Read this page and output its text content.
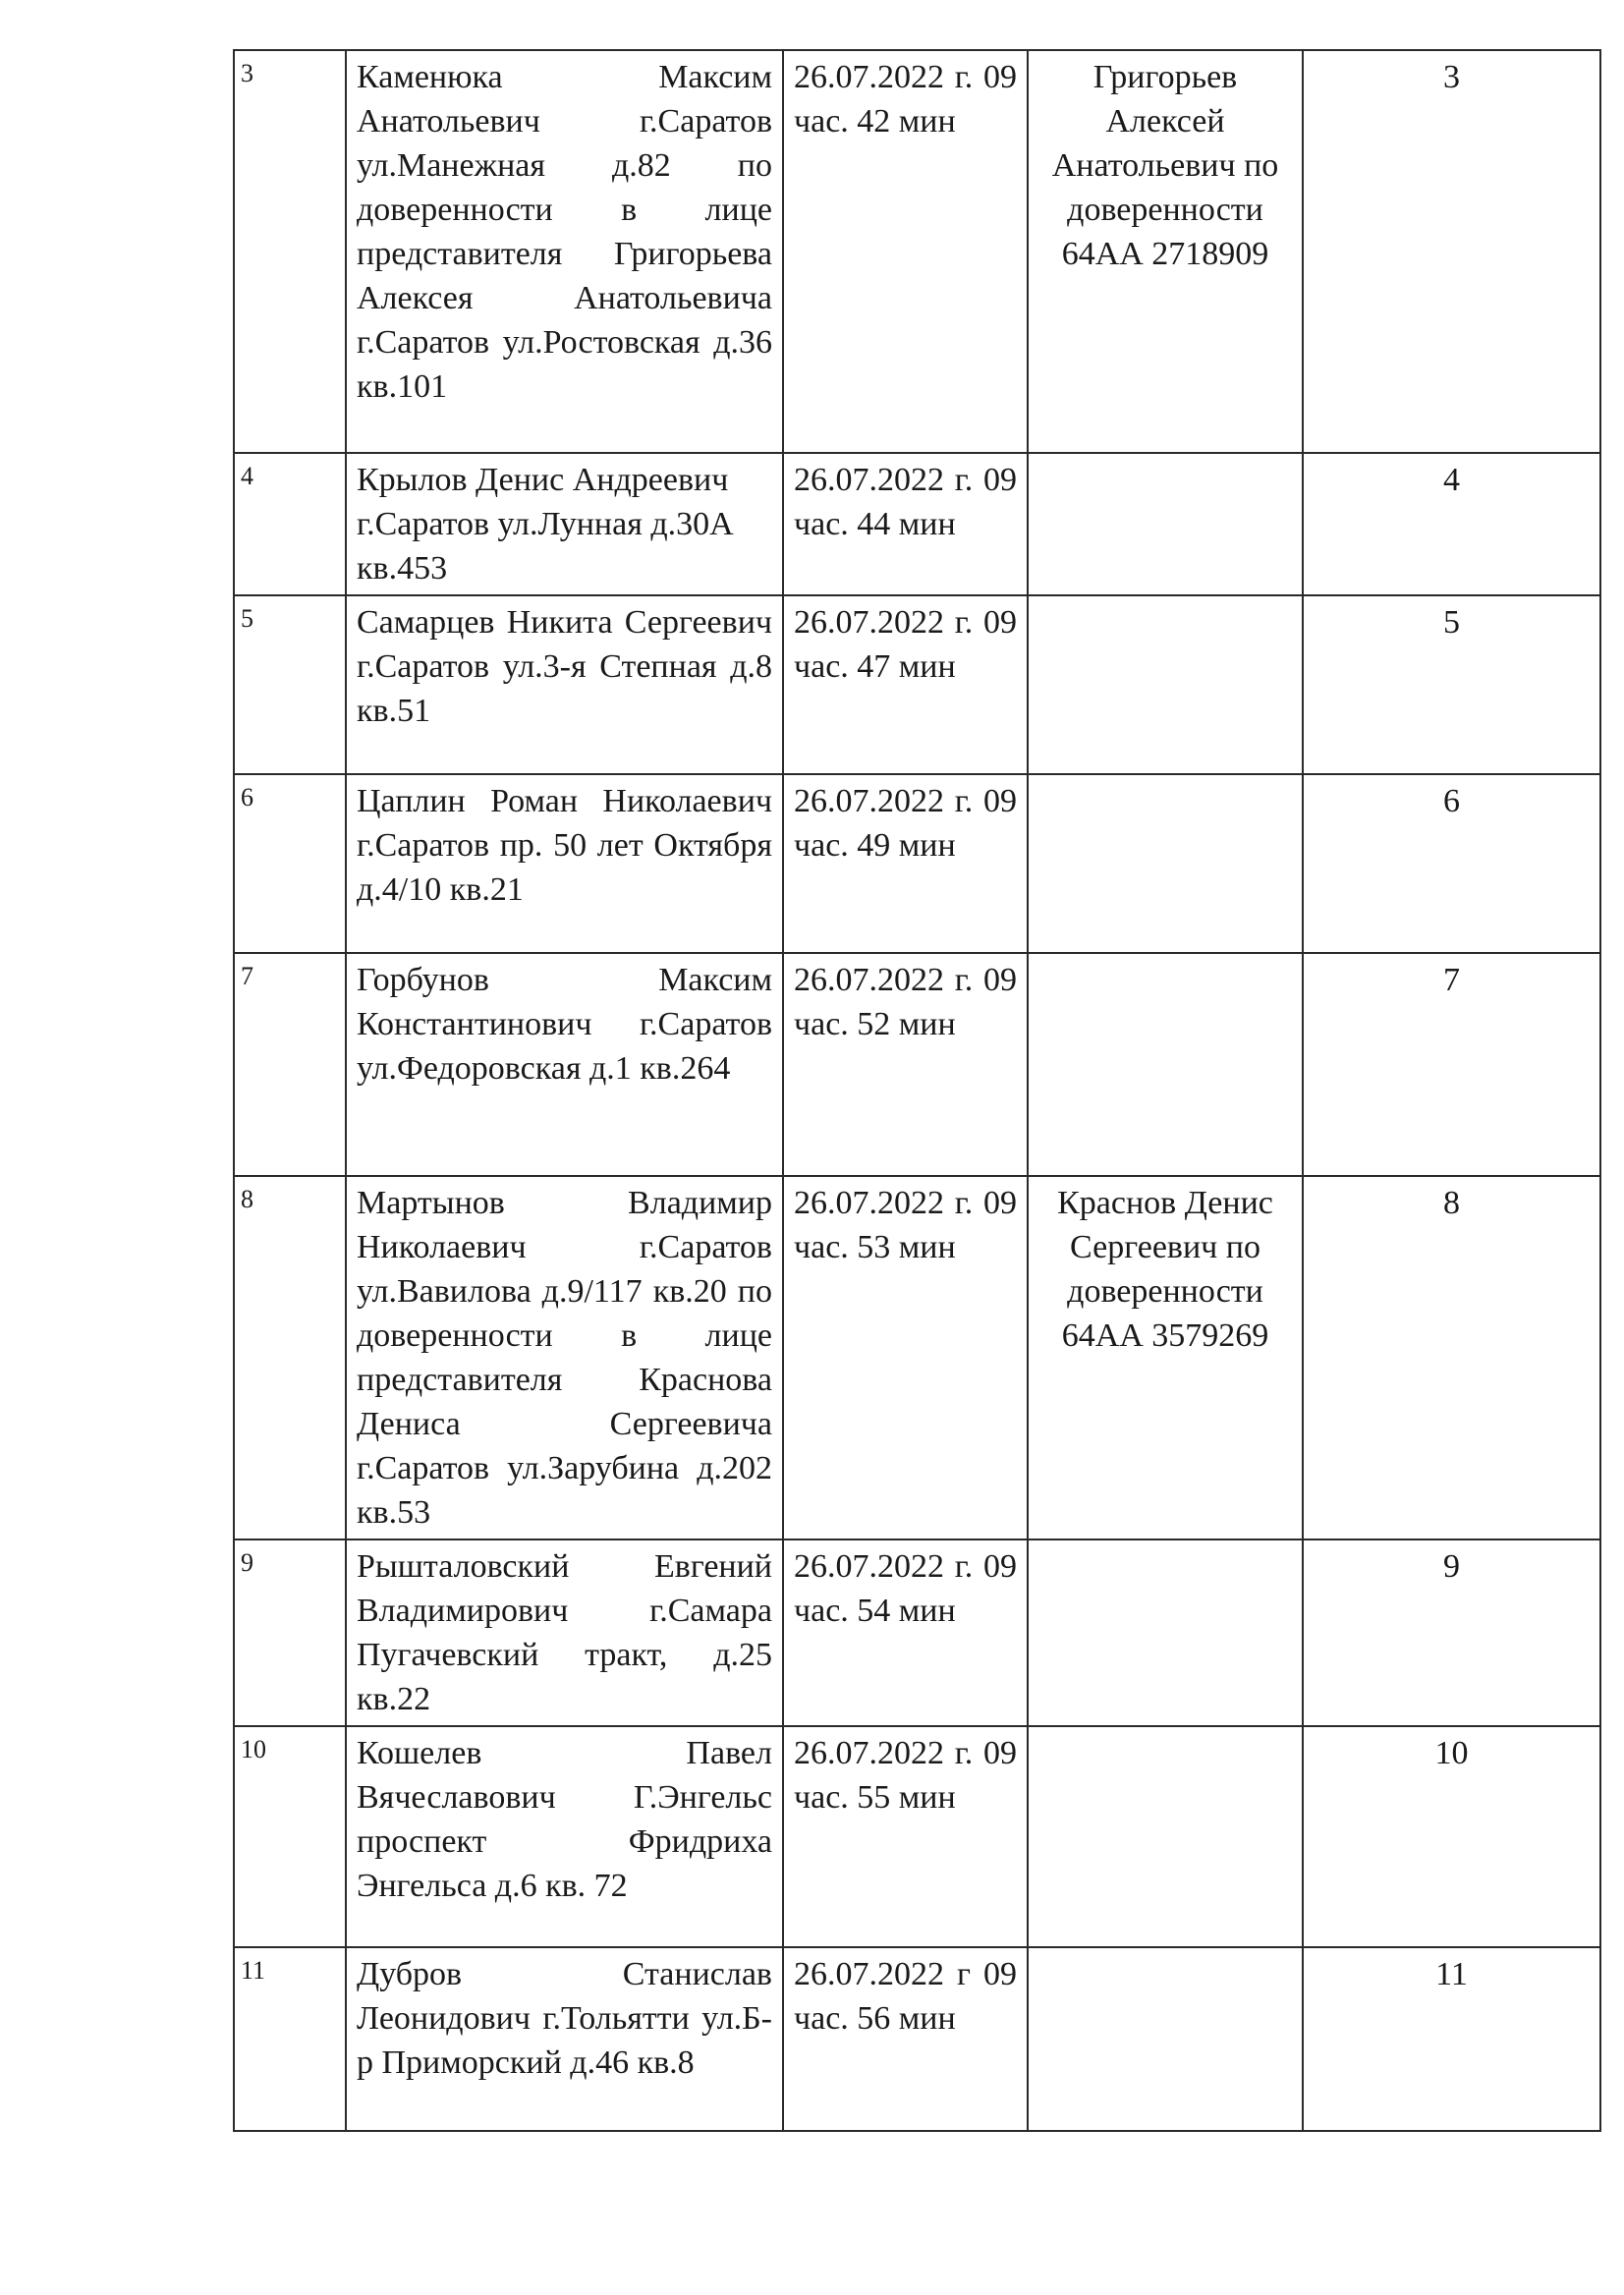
3	Каменюка Максим Анатольевич г.Саратов ул.Манежная д.82 по доверенности в лице представителя Григорьева Алексея Анатольевича г.Саратов ул.Ростовская д.36 кв.101	26.07.2022 г. 09 час. 42 мин	Григорьев Алексей Анатольевич по доверенности 64АА 2718909	3
4	Крылов Денис Андреевич г.Саратов ул.Лунная д.30А кв.453	26.07.2022 г. 09 час. 44 мин		4
5	Самарцев Никита Сергеевич г.Саратов ул.3-я Степная д.8 кв.51	26.07.2022 г. 09 час. 47 мин		5
6	Цаплин Роман Николаевич г.Саратов пр. 50 лет Октября д.4/10 кв.21	26.07.2022 г. 09 час. 49 мин		6
7	Горбунов Максим Константинович г.Саратов ул.Федоровская д.1 кв.264	26.07.2022 г. 09 час. 52 мин		7
8	Мартынов Владимир Николаевич г.Саратов ул.Вавилова д.9/117 кв.20 по доверенности в лице представителя Краснова Дениса Сергеевича г.Саратов ул.Зарубина д.202 кв.53	26.07.2022 г. 09 час. 53 мин	Краснов Денис Сергеевич по доверенности 64АА 3579269	8
9	Рышталовский Евгений Владимирович г.Самара Пугачевский тракт, д.25 кв.22	26.07.2022 г. 09 час. 54 мин		9
10	Кошелев Павел Вячеславович Г.Энгельс проспект Фридриха Энгельса д.6 кв. 72	26.07.2022 г. 09 час. 55 мин		10
11	Дубров Станислав Леонидович г.Тольятти ул.Б-р Приморский д.46 кв.8	26.07.2022 г 09 час. 56 мин		11
